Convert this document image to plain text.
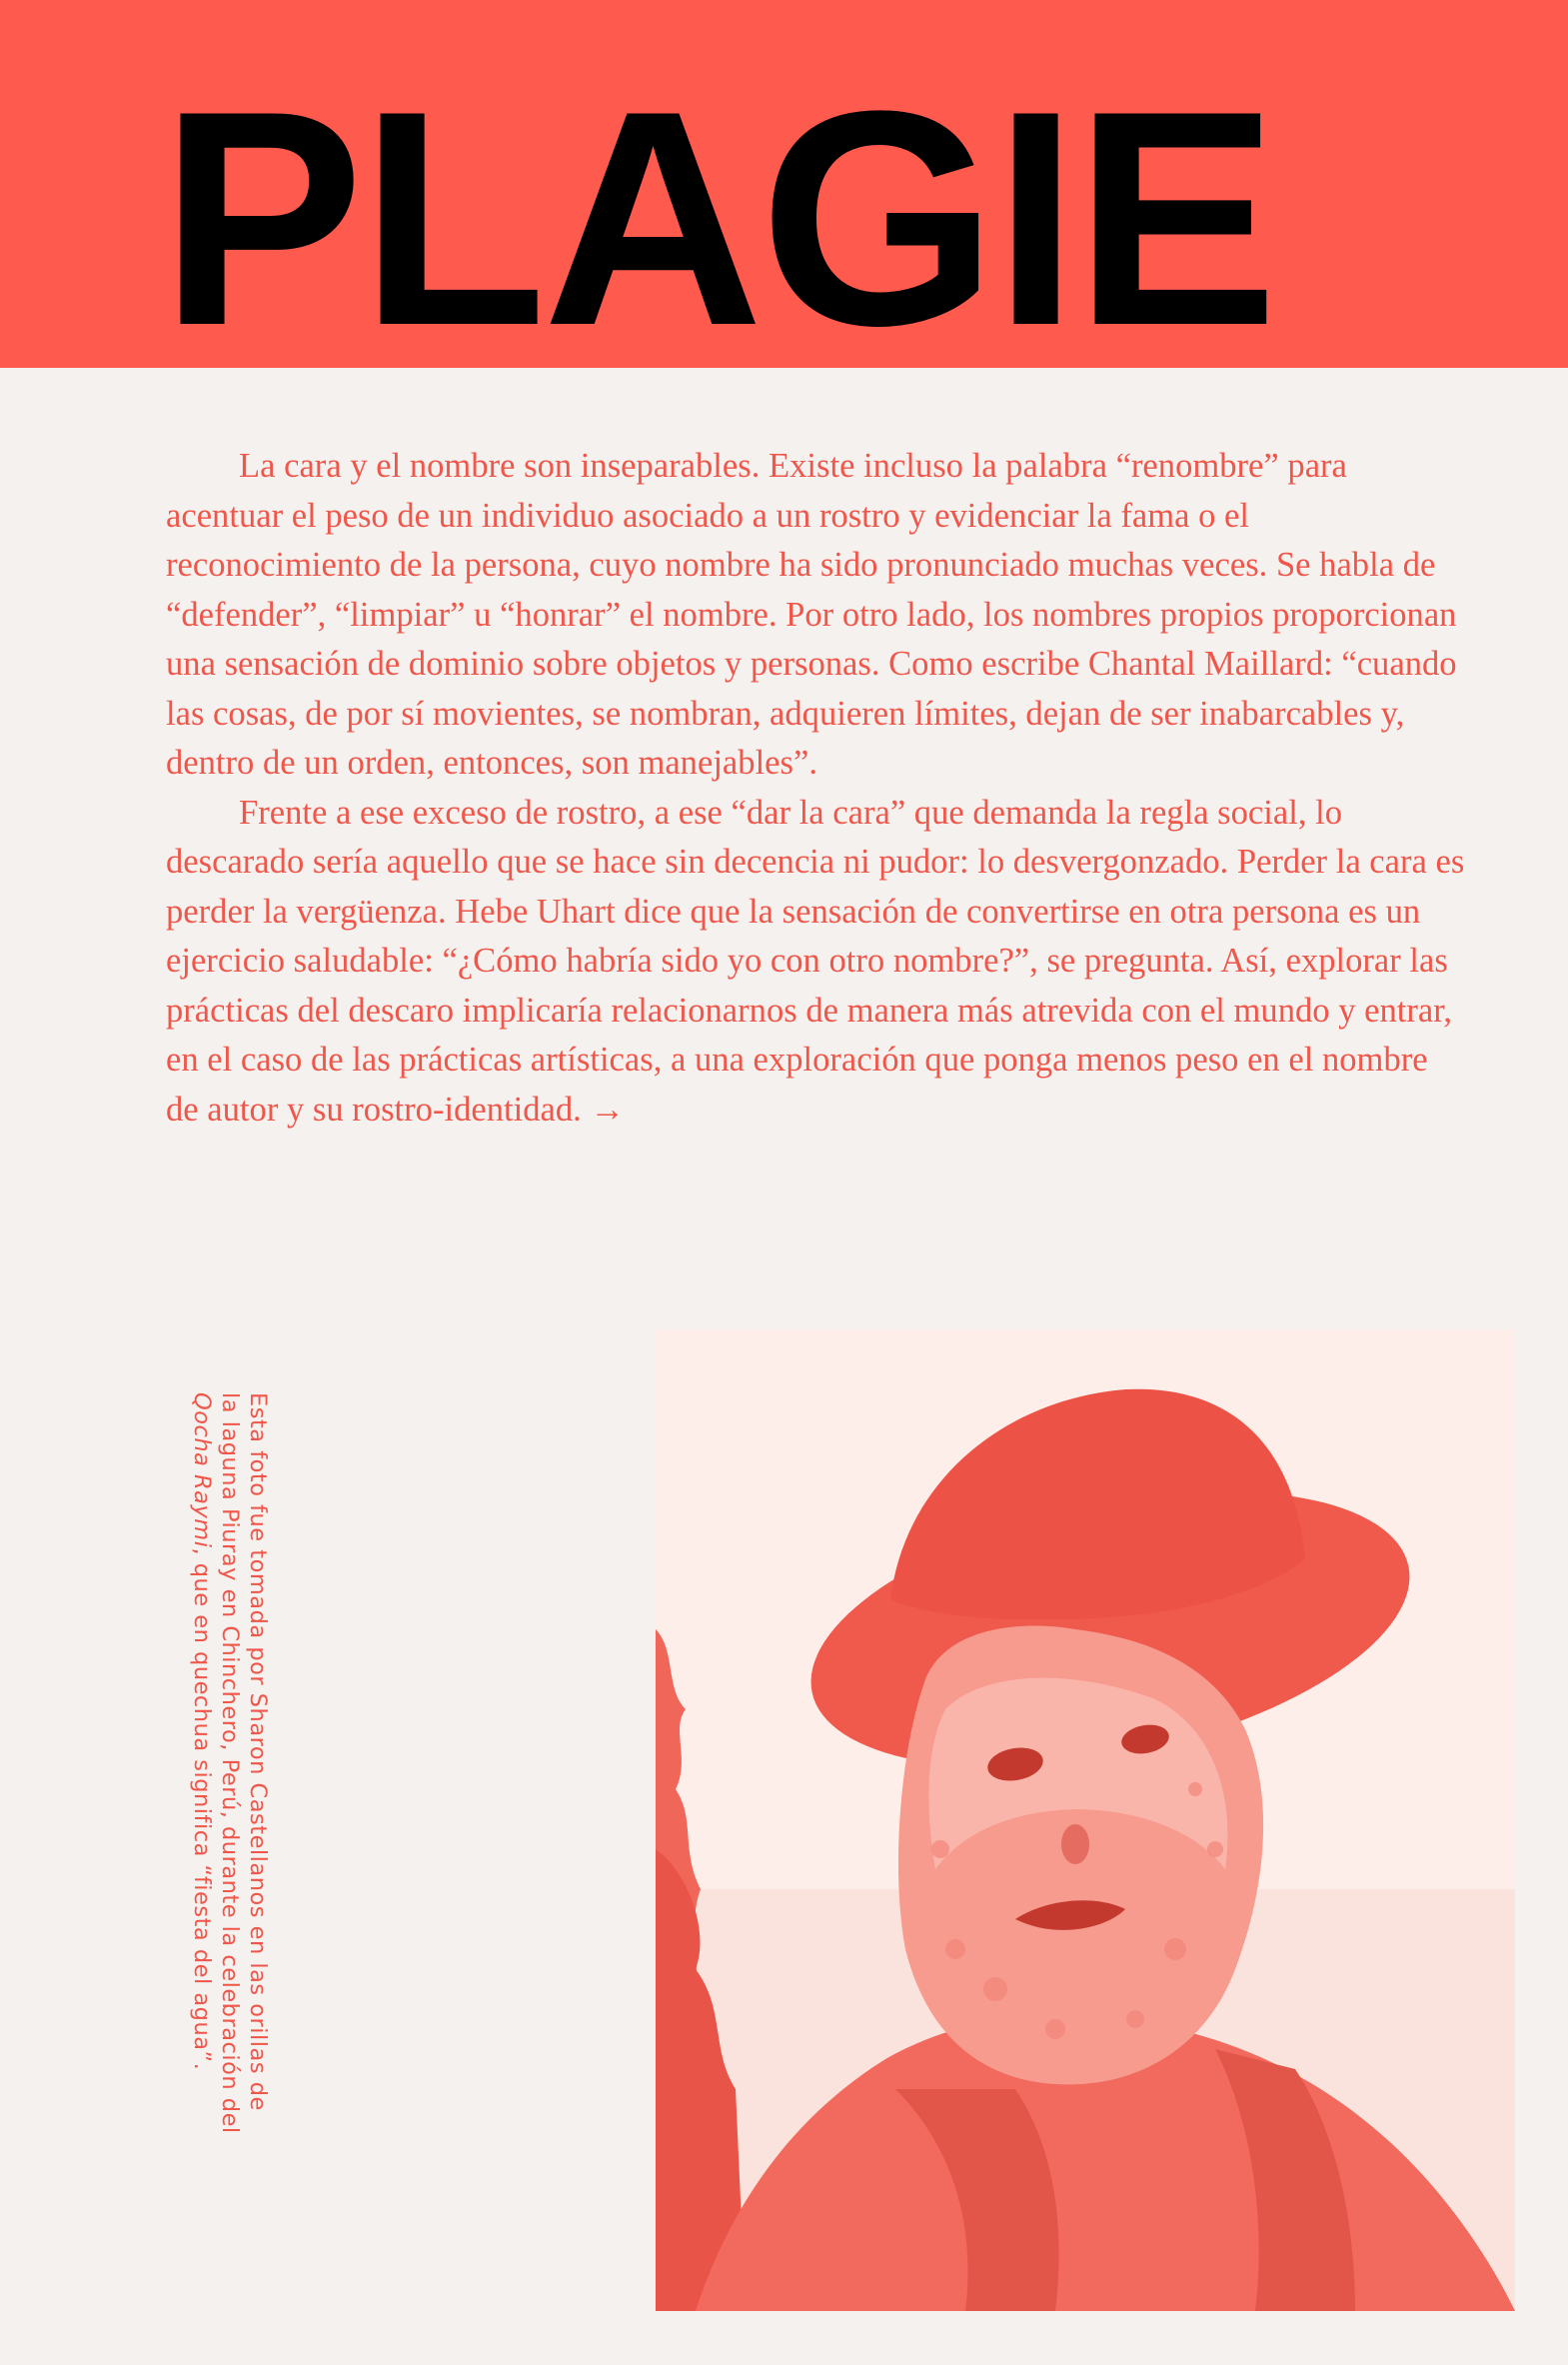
PLAGIE

La cara y el nombre son inseparables. Existe incluso la palabra “renombre” para acentuar el peso de un individuo asociado a un rostro y evidenciar la fama o el reconocimiento de la persona, cuyo nombre ha sido pronunciado muchas veces. Se habla de “defender”, “limpiar” u “honrar” el nombre. Por otro lado, los nombres propios proporcionan una sensación de dominio sobre objetos y personas. Como escribe Chantal Maillard: “cuando las cosas, de por sí movientes, se nombran, adquieren límites, dejan de ser inabarcables y, dentro de un orden, entonces, son manejables”.

Frente a ese exceso de rostro, a ese “dar la cara” que demanda la regla social, lo descarado sería aquello que se hace sin decencia ni pudor: lo desvergonzado. Perder la cara es perder la vergüenza. Hebe Uhart dice que la sensación de convertirse en otra persona es un ejercicio saludable: “¿Cómo habría sido yo con otro nombre?”, se pregunta. Así, explorar las prácticas del descaro implicaría relacionarnos de manera más atrevida con el mundo y entrar, en el caso de las prácticas artísticas, a una exploración que ponga menos peso en el nombre de autor y su rostro-identidad. →

Esta foto fue tomada por Sharon Castellanos en las orillas de la laguna Piuray en Chinchero, Perú, durante la celebración del Qocha Raymi, que en quechua significa “fiesta del agua”.
